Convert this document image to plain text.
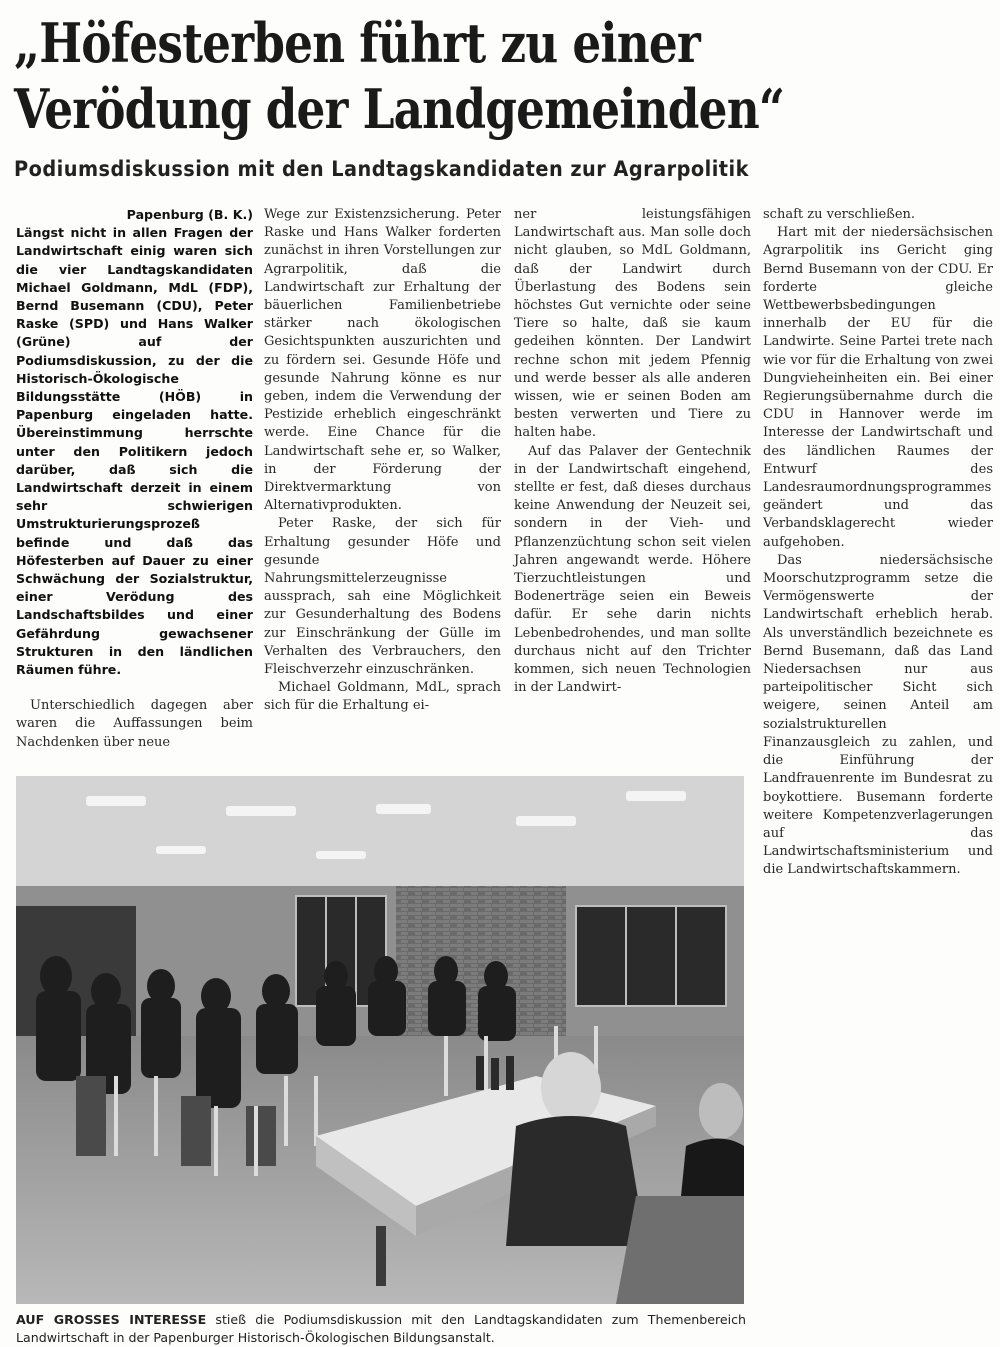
„Höfesterben führt zu einer
Verödung der Landgemeinden“
Podiumsdiskussion mit den Landtagskandidaten zur Agrarpolitik
Papenburg (B. K.)

Längst nicht in allen Fragen der Landwirtschaft einig waren sich die vier Landtagskandidaten Michael Goldmann, MdL (FDP), Bernd Busemann (CDU), Peter Raske (SPD) und Hans Walker (Grüne) auf der Podiumsdiskussion, zu der die Historisch-Ökologische Bildungsstätte (HÖB) in Papenburg eingeladen hatte. Übereinstimmung herrschte unter den Politikern jedoch darüber, daß sich die Landwirtschaft derzeit in einem sehr schwierigen Umstrukturierungsprozeß befinde und daß das Höfesterben auf Dauer zu einer Schwächung der Sozialstruktur, einer Verödung des Landschaftsbildes und einer Gefährdung gewachsener Strukturen in den ländlichen Räumen führe.

Unterschiedlich dagegen aber waren die Auffassungen beim Nachdenken über neue

Wege zur Existenzsicherung. Peter Raske und Hans Walker forderten zunächst in ihren Vorstellungen zur Agrarpolitik, daß die Landwirtschaft zur Erhaltung der bäuerlichen Familienbetriebe stärker nach ökologischen Gesichtspunkten auszurichten und zu fördern sei. Gesunde Höfe und gesunde Nahrung könne es nur geben, indem die Verwendung der Pestizide erheblich eingeschränkt werde. Eine Chance für die Landwirtschaft sehe er, so Walker, in der Förderung der Direktvermarktung von Alternativprodukten.

Peter Raske, der sich für Erhaltung gesunder Höfe und gesunde Nahrungsmittelerzeugnisse aussprach, sah eine Möglichkeit zur Gesunderhaltung des Bodens zur Einschränkung der Gülle im Verhalten des Verbrauchers, den Fleischverzehr einzuschränken.

Michael Goldmann, MdL, sprach sich für die Erhaltung ei-

ner leistungsfähigen Landwirtschaft aus. Man solle doch nicht glauben, so MdL Goldmann, daß der Landwirt durch Überlastung des Bodens sein höchstes Gut vernichte oder seine Tiere so halte, daß sie kaum gedeihen könnten. Der Landwirt rechne schon mit jedem Pfennig und werde besser als alle anderen wissen, wie er seinen Boden am besten verwerten und Tiere zu halten habe.

Auf das Palaver der Gentechnik in der Landwirtschaft eingehend, stellte er fest, daß dieses durchaus keine Anwendung der Neuzeit sei, sondern in der Vieh- und Pflanzenzüchtung schon seit vielen Jahren angewandt werde. Höhere Tierzuchtleistungen und Bodenerträge seien ein Beweis dafür. Er sehe darin nichts Lebenbedrohendes, und man sollte durchaus nicht auf den Trichter kommen, sich neuen Technologien in der Landwirt-

schaft zu verschließen.

Hart mit der niedersächsischen Agrarpolitik ins Gericht ging Bernd Busemann von der CDU. Er forderte gleiche Wettbewerbsbedingungen innerhalb der EU für die Landwirte. Seine Partei trete nach wie vor für die Erhaltung von zwei Dungvieheinheiten ein. Bei einer Regierungsübernahme durch die CDU in Hannover werde im Interesse der Landwirtschaft und des ländlichen Raumes der Entwurf des Landesraumordnungsprogrammes geändert und das Verbandsklagerecht wieder aufgehoben.

Das niedersächsische Moorschutzprogramm setze die Vermögenswerte der Landwirtschaft erheblich herab. Als unverständlich bezeichnete es Bernd Busemann, daß das Land Niedersachsen nur aus parteipolitischer Sicht sich weigere, seinen Anteil am sozialstrukturellen Finanzausgleich zu zahlen, und die Einführung der Landfrauenrente im Bundesrat zu boykottiere. Busemann forderte weitere Kompetenzverlagerungen auf das Landwirtschaftsministerium und die Landwirtschaftskammern.

AUF GROSSES INTERESSE stieß die Podiumsdiskussion mit den Landtagskandidaten zum Themenbereich Landwirtschaft in der Papenburger Historisch-Ökologischen Bildungsanstalt.
